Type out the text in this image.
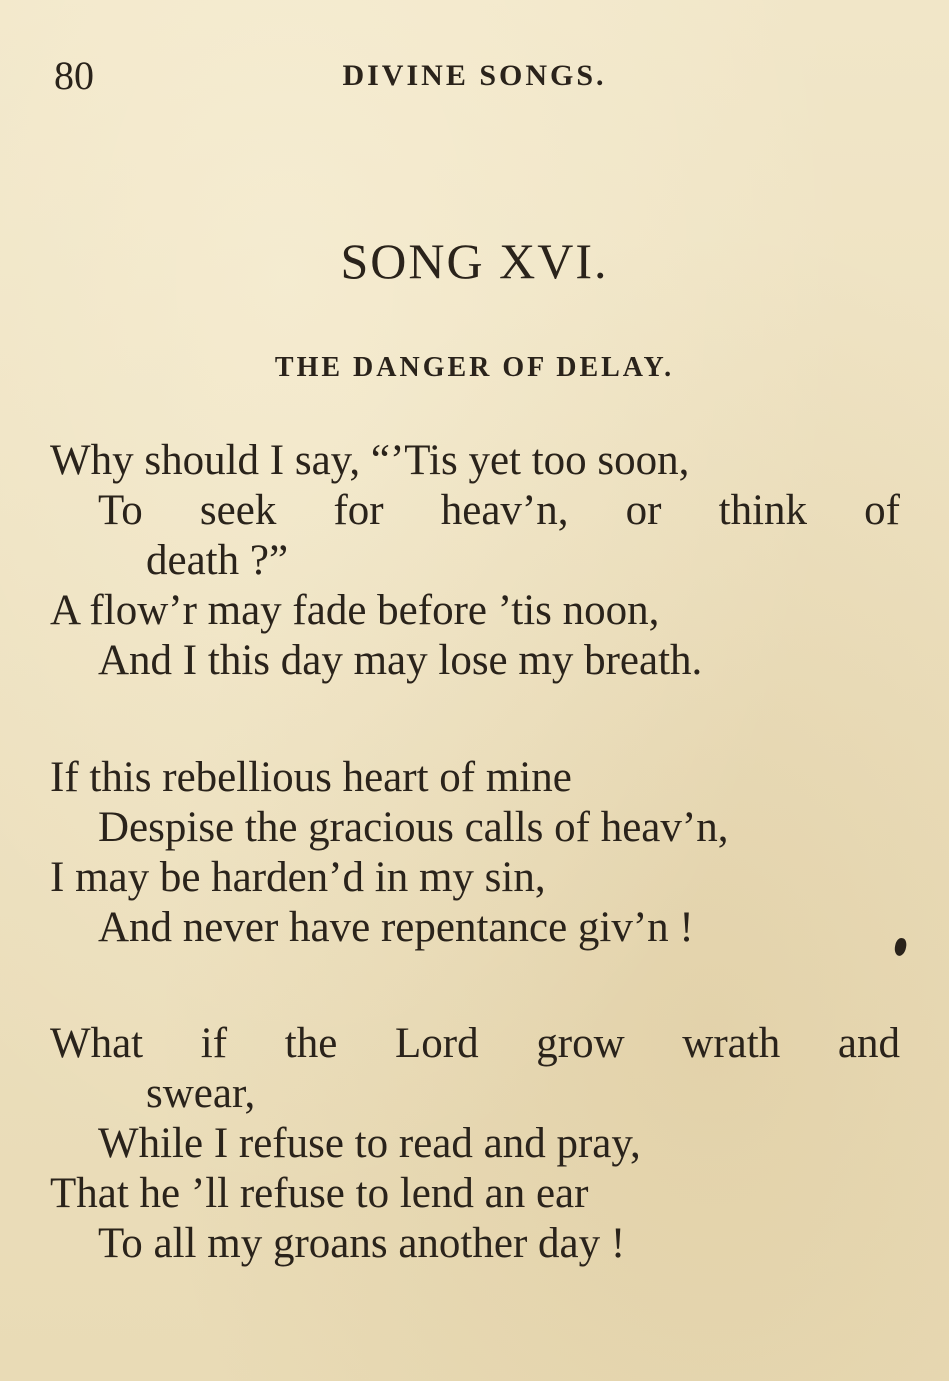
80	DIVINE SONGS.
SONG XVI.
THE DANGER OF DELAY.
Why should I say, “’Tis yet too soon,
To seek for heav’n, or think of
death ?”
A flow’r may fade before ’tis noon,
And I this day may lose my breath.
If this rebellious heart of mine
Despise the gracious calls of heav’n,
I may be harden’d in my sin,
And never have repentance giv’n !
What if the Lord grow wrath and
swear,
While I refuse to read and pray,
That he ’ll refuse to lend an ear
To all my groans another day !
